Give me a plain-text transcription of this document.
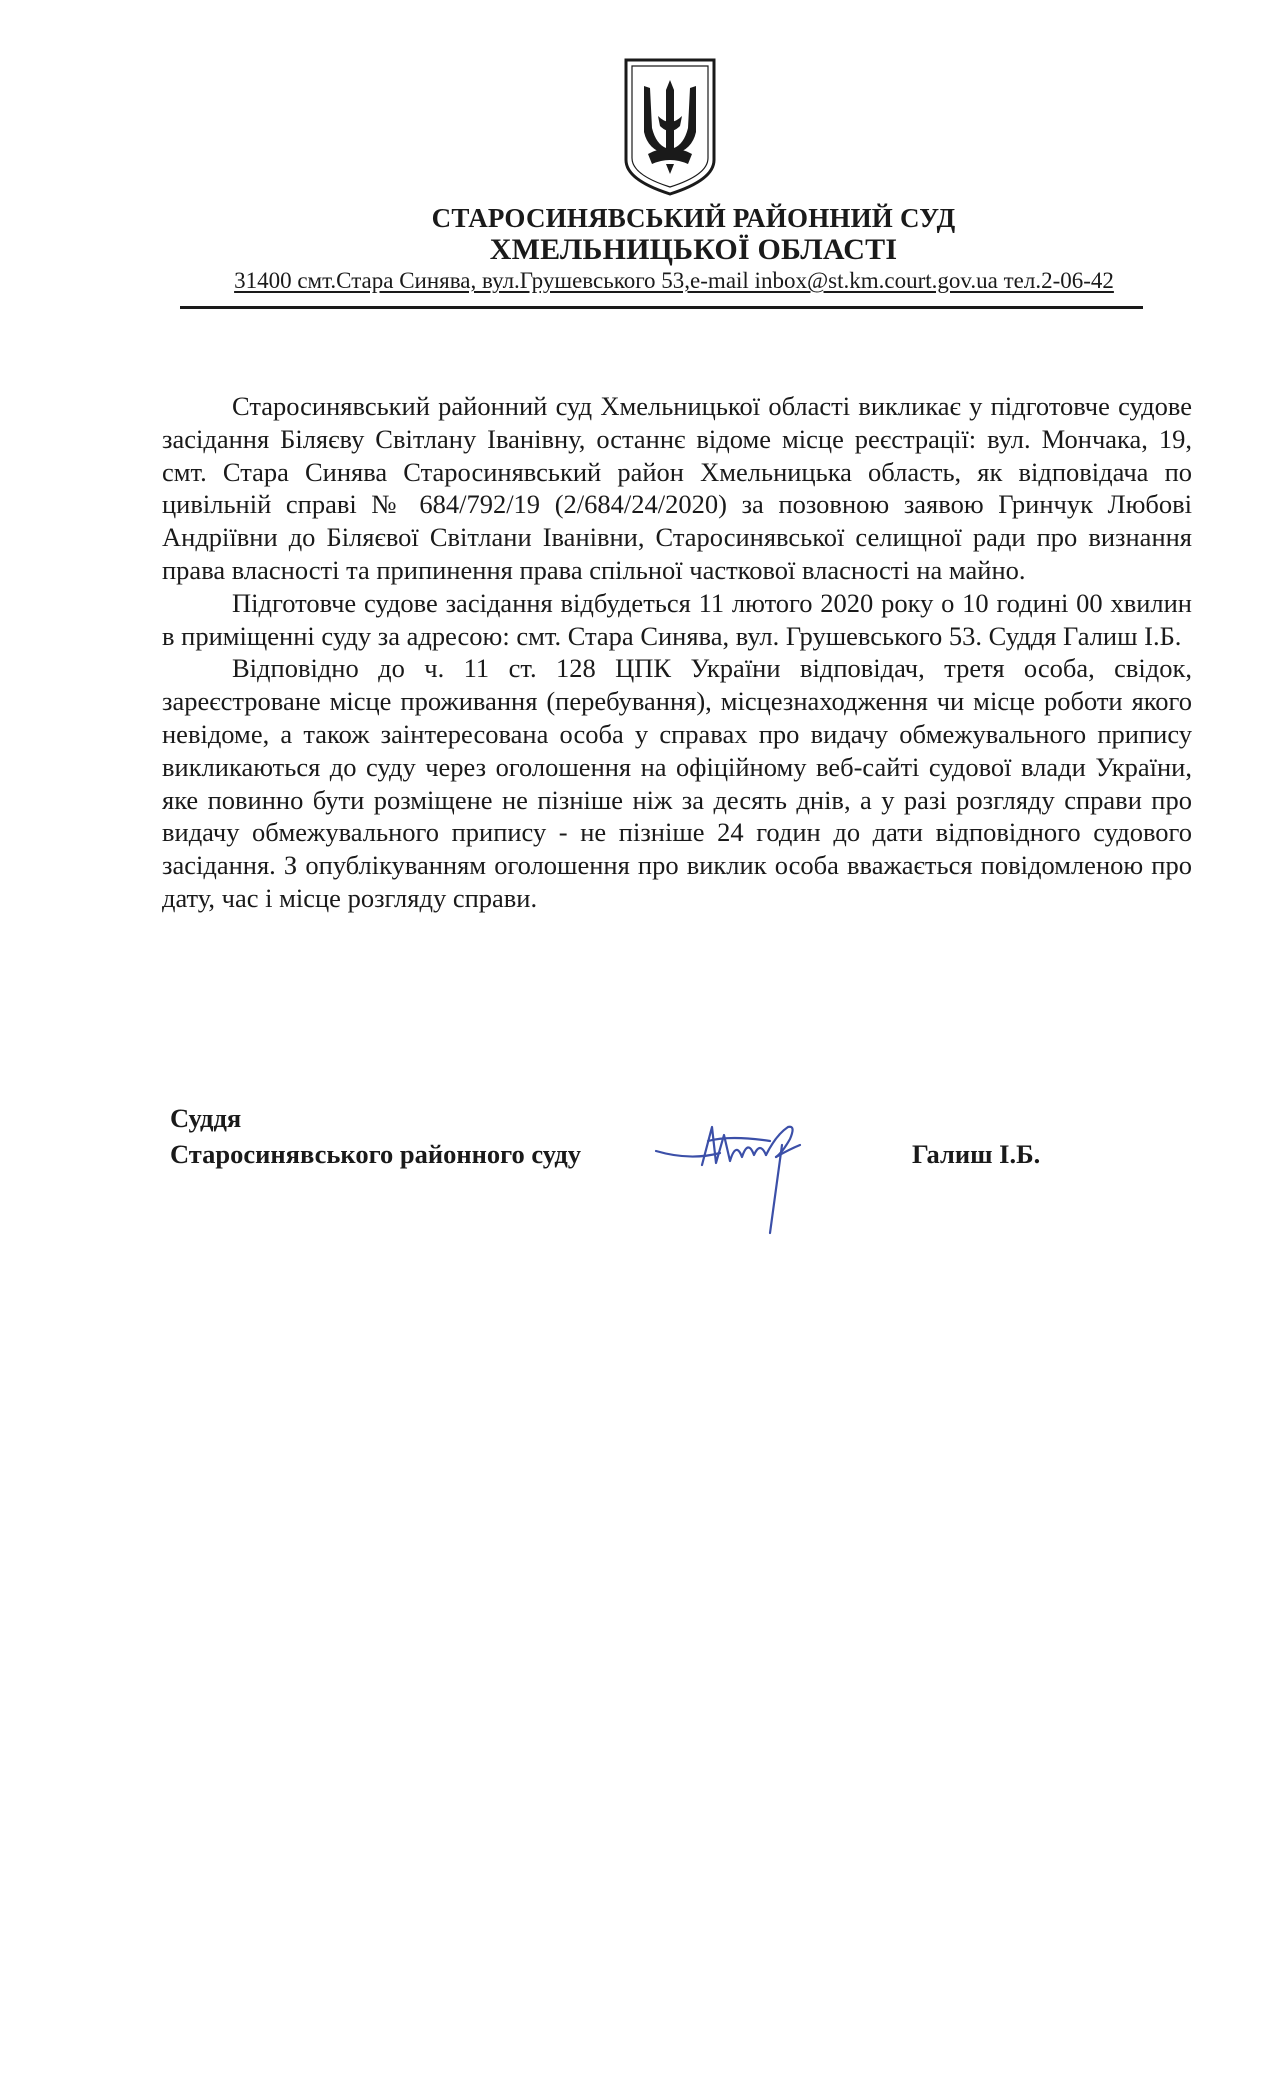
СТАРОСИНЯВСЬКИЙ РАЙОННИЙ СУД
ХМЕЛЬНИЦЬКОЇ ОБЛАСТІ
31400 смт.Стара Синява, вул.Грушевського 53,e-mail inbox@st.km.court.gov.ua тел.2-06-42

Старосинявський районний суд Хмельницької області викликає у підготовче судове засідання Біляєву Світлану Іванівну, останнє відоме місце реєстрації: вул. Мончака, 19, смт. Стара Синява Старосинявський район Хмельницька область, як відповідача по цивільній справі № 684/792/19 (2/684/24/2020) за позовною заявою Гринчук Любові Андріївни до Біляєвої Світлани Іванівни, Старосинявської селищної ради про визнання права власності та припинення права спільної часткової власності на майно.

Підготовче судове засідання відбудеться 11 лютого 2020 року о 10 годині 00 хвилин в приміщенні суду за адресою: смт. Стара Синява, вул. Грушевського 53. Суддя Галиш І.Б.

Відповідно до ч. 11 ст. 128 ЦПК України відповідач, третя особа, свідок, зареєстроване місце проживання (перебування), місцезнаходження чи місце роботи якого невідоме, а також заінтересована особа у справах про видачу обмежувального припису викликаються до суду через оголошення на офіційному веб-сайті судової влади України, яке повинно бути розміщене не пізніше ніж за десять днів, а у разі розгляду справи про видачу обмежувального припису - не пізніше 24 годин до дати відповідного судового засідання. З опублікуванням оголошення про виклик особа вважається повідомленою про дату, час і місце розгляду справи.

Суддя
Старосинявського районного суду	Галиш І.Б.
